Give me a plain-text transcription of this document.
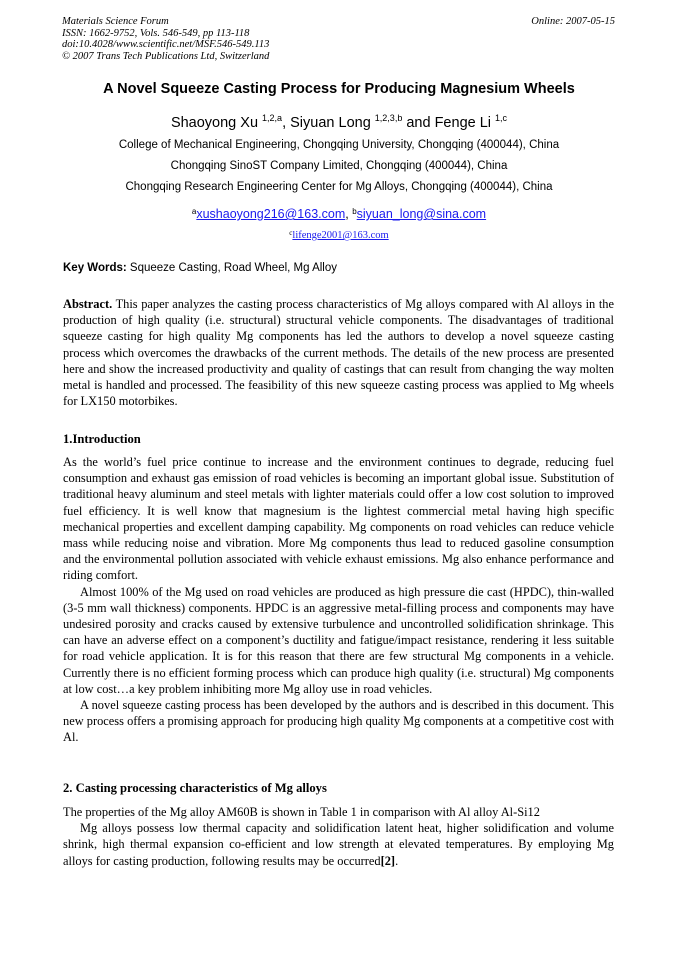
Materials Science Forum
ISSN: 1662-9752, Vols. 546-549, pp 113-118
doi:10.4028/www.scientific.net/MSF.546-549.113
© 2007 Trans Tech Publications Ltd, Switzerland
Online: 2007-05-15
A Novel Squeeze Casting Process for Producing Magnesium Wheels
Shaoyong Xu $^{1,2,a}$, Siyuan Long $^{1,2,3,b}$ and Fenge Li $^{1,c}$
College of Mechanical Engineering, Chongqing University, Chongqing (400044), China
Chongqing SinoST Company Limited, Chongqing (400044), China
Chongqing Research Engineering Center for Mg Alloys, Chongqing (400044), China
$^a$xushaoyong216@163.com, $^b$siyuan_long@sina.com
$^c$lifenge2001@163.com
Key Words: Squeeze Casting, Road Wheel, Mg Alloy

Abstract. This paper analyzes the casting process characteristics of Mg alloys compared with Al alloys in the production of high quality (i.e. structural) structural vehicle components. The disadvantages of traditional squeeze casting for high quality Mg components has led the authors to develop a novel squeeze casting process which overcomes the drawbacks of the current methods. The details of the new process are presented here and show the increased productivity and quality of castings that can result from changing the way molten metal is handled and processed. The feasibility of this new squeeze casting process was applied to Mg wheels for LX150 motorbikes.

1.Introduction

As the world’s fuel price continue to increase and the environment continues to degrade, reducing fuel consumption and exhaust gas emission of road vehicles is becoming an important global issue. Substitution of traditional heavy aluminum and steel metals with lighter materials could offer a low cost solution to improved fuel efficiency. It is well know that magnesium is the lightest commercial metal having high specific mechanical properties and excellent damping capability. Mg components on road vehicles can reduce vehicle mass while reducing noise and vibration. More Mg components thus lead to reduced gasoline consumption and the environmental pollution associated with vehicle exhaust emissions. Mg also enhance performance and riding comfort.

Almost 100% of the Mg used on road vehicles are produced as high pressure die cast (HPDC), thin-walled (3-5 mm wall thickness) components. HPDC is an aggressive metal-filling process and components may have undesired porosity and cracks caused by extensive turbulence and uncontrolled solidification shrinkage. This can have an adverse effect on a component’s ductility and fatigue/impact resistance, rendering it less suitable for road vehicle application. It is for this reason that there are few structural Mg components in a vehicle. Currently there is no efficient forming process which can produce high quality (i.e. structural) Mg components at low cost…a key problem inhibiting more Mg alloy use in road vehicles.

A novel squeeze casting process has been developed by the authors and is described in this document. This new process offers a promising approach for producing high quality Mg components at a competitive cost with Al.

2. Casting processing characteristics of Mg alloys

The properties of the Mg alloy AM60B is shown in Table 1 in comparison with Al alloy Al-Si12

Mg alloys possess low thermal capacity and solidification latent heat, higher solidification and volume shrink, high thermal expansion co-efficient and low strength at elevated temperatures. By employing Mg alloys for casting production, following results may be occurred[2].
